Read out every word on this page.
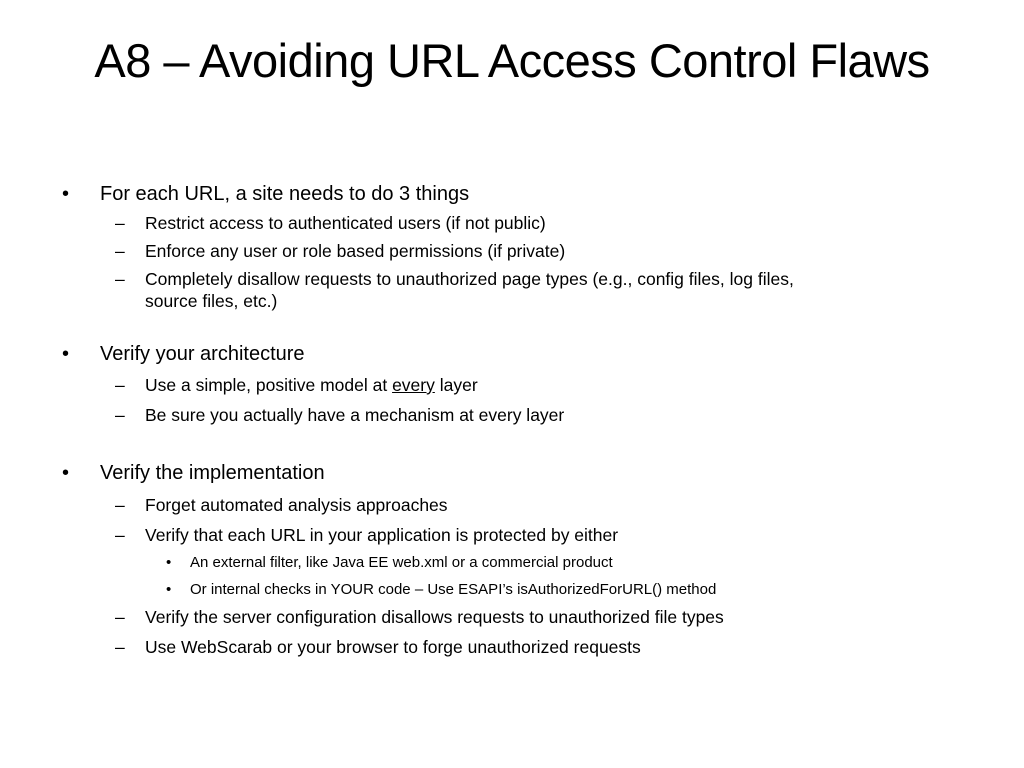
A8 – Avoiding URL Access Control Flaws
• For each URL, a site needs to do 3 things
– Restrict access to authenticated users (if not public)
– Enforce any user or role based permissions (if private)
– Completely disallow requests to unauthorized page types (e.g., config files, log files,
source files, etc.)
• Verify your architecture
– Use a simple, positive model at every layer
– Be sure you actually have a mechanism at every layer
• Verify the implementation
– Forget automated analysis approaches
– Verify that each URL in your application is protected by either
• An external filter, like Java EE web.xml or a commercial product
• Or internal checks in YOUR code – Use ESAPI’s isAuthorizedForURL() method
– Verify the server configuration disallows requests to unauthorized file types
– Use WebScarab or your browser to forge unauthorized requests
